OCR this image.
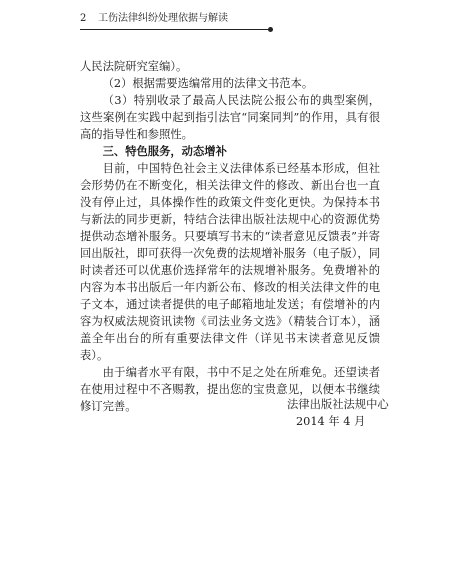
2 工伤法律纠纷处理依据与解读

人民法院研究室编）。

（2）根据需要选编常用的法律文书范本。

（3）特别收录了最高人民法院公报公布的典型案例，这些案例在实践中起到指引法官“同案同判”的作用，具有很高的指导性和参照性。

三、特色服务，动态增补

目前，中国特色社会主义法律体系已经基本形成，但社会形势仍在不断变化，相关法律文件的修改、新出台也一直没有停止过，具体操作性的政策文件变化更快。为保持本书与新法的同步更新，特结合法律出版社法规中心的资源优势提供动态增补服务。只要填写书末的“读者意见反馈表”并寄回出版社，即可获得一次免费的法规增补服务（电子版），同时读者还可以优惠价选择常年的法规增补服务。免费增补的内容为本书出版后一年内新公布、修改的相关法律文件的电子文本，通过读者提供的电子邮箱地址发送；有偿增补的内容为权威法规资讯读物《司法业务文选》（精装合订本），涵盖全年出台的所有重要法律文件（详见书末读者意见反馈表）。

由于编者水平有限，书中不足之处在所难免。还望读者在使用过程中不吝赐教，提出您的宝贵意见，以便本书继续修订完善。	法律出版社法规中心
2014 年 4 月
